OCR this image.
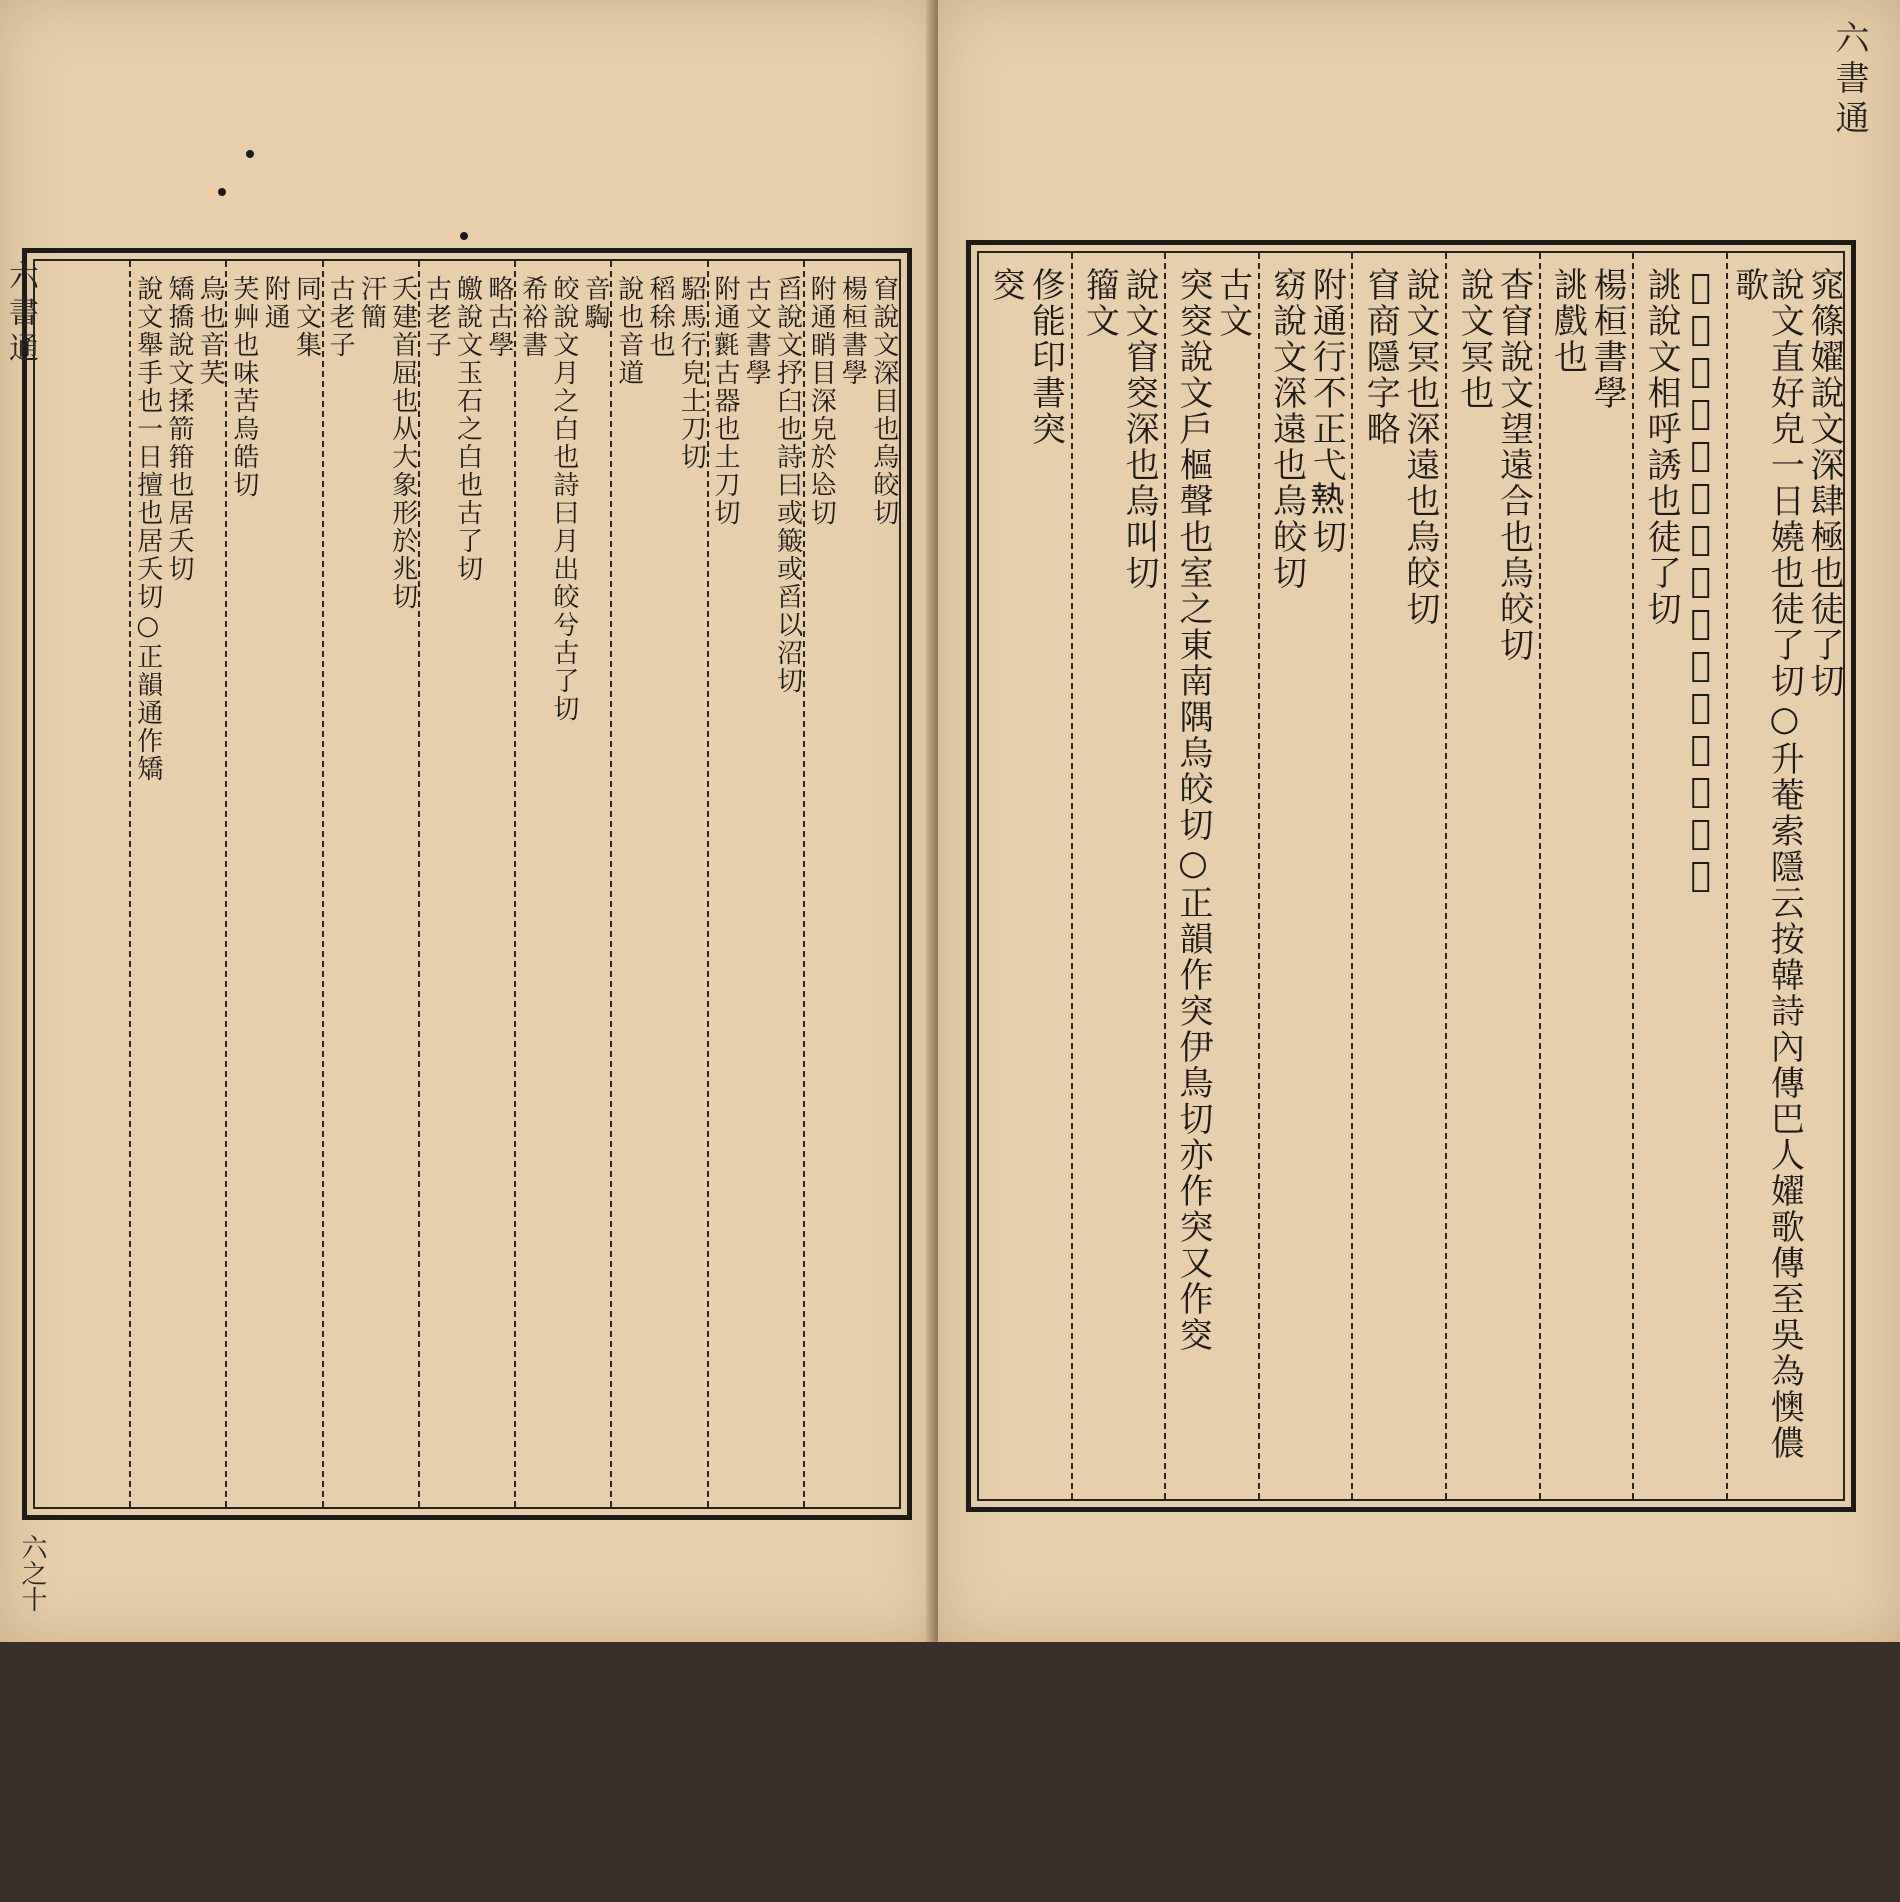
窅說文深目也烏皎切
楊桓書學
附通睄目深皃於㤀切
舀說文抒臼也詩曰或簸或舀以沼切
古文書學
附通𣰶古器也土刀切
駋馬行皃土刀切
稻稌也
說也音道
音騊
皎說文月之白也詩曰月出皎兮古了切
希裕書
略古學
皦說文玉石之白也古了切
古老子
夭建首屈也从大象形於兆切
汗簡
古老子
同文集
附通
芺艸也味苦烏皓切
烏也音芺
矯撟說文揉箭箝也居夭切
說文舉手也一日擅也居夭切○正韻通作矯
六書通
六之十
窕篠嬥說文深肆極也徒了切
說文直好皃一日嬈也徒了切○升菴索隱云按韓詩內傳巴人嬥歌傳至吳為懊儂歌
𥨊說文杳篠也徒弔切正韻又徒了切
誂說文相呼誘也徒了切
楊桓書學
誂戲也
杳窅說文望遠合也烏皎切
說文冥也
說文冥也深遠也烏皎切
窅商隱字略
附通行不正弋𤍠切
窈說文深遠也烏皎切
古文
突窔說文戶樞聲也室之東南隅烏皎切○正韻作突伊鳥切亦作突又作窔
說文窅窔深也烏叫切
籀文
俢能印書突
窔
六書通
